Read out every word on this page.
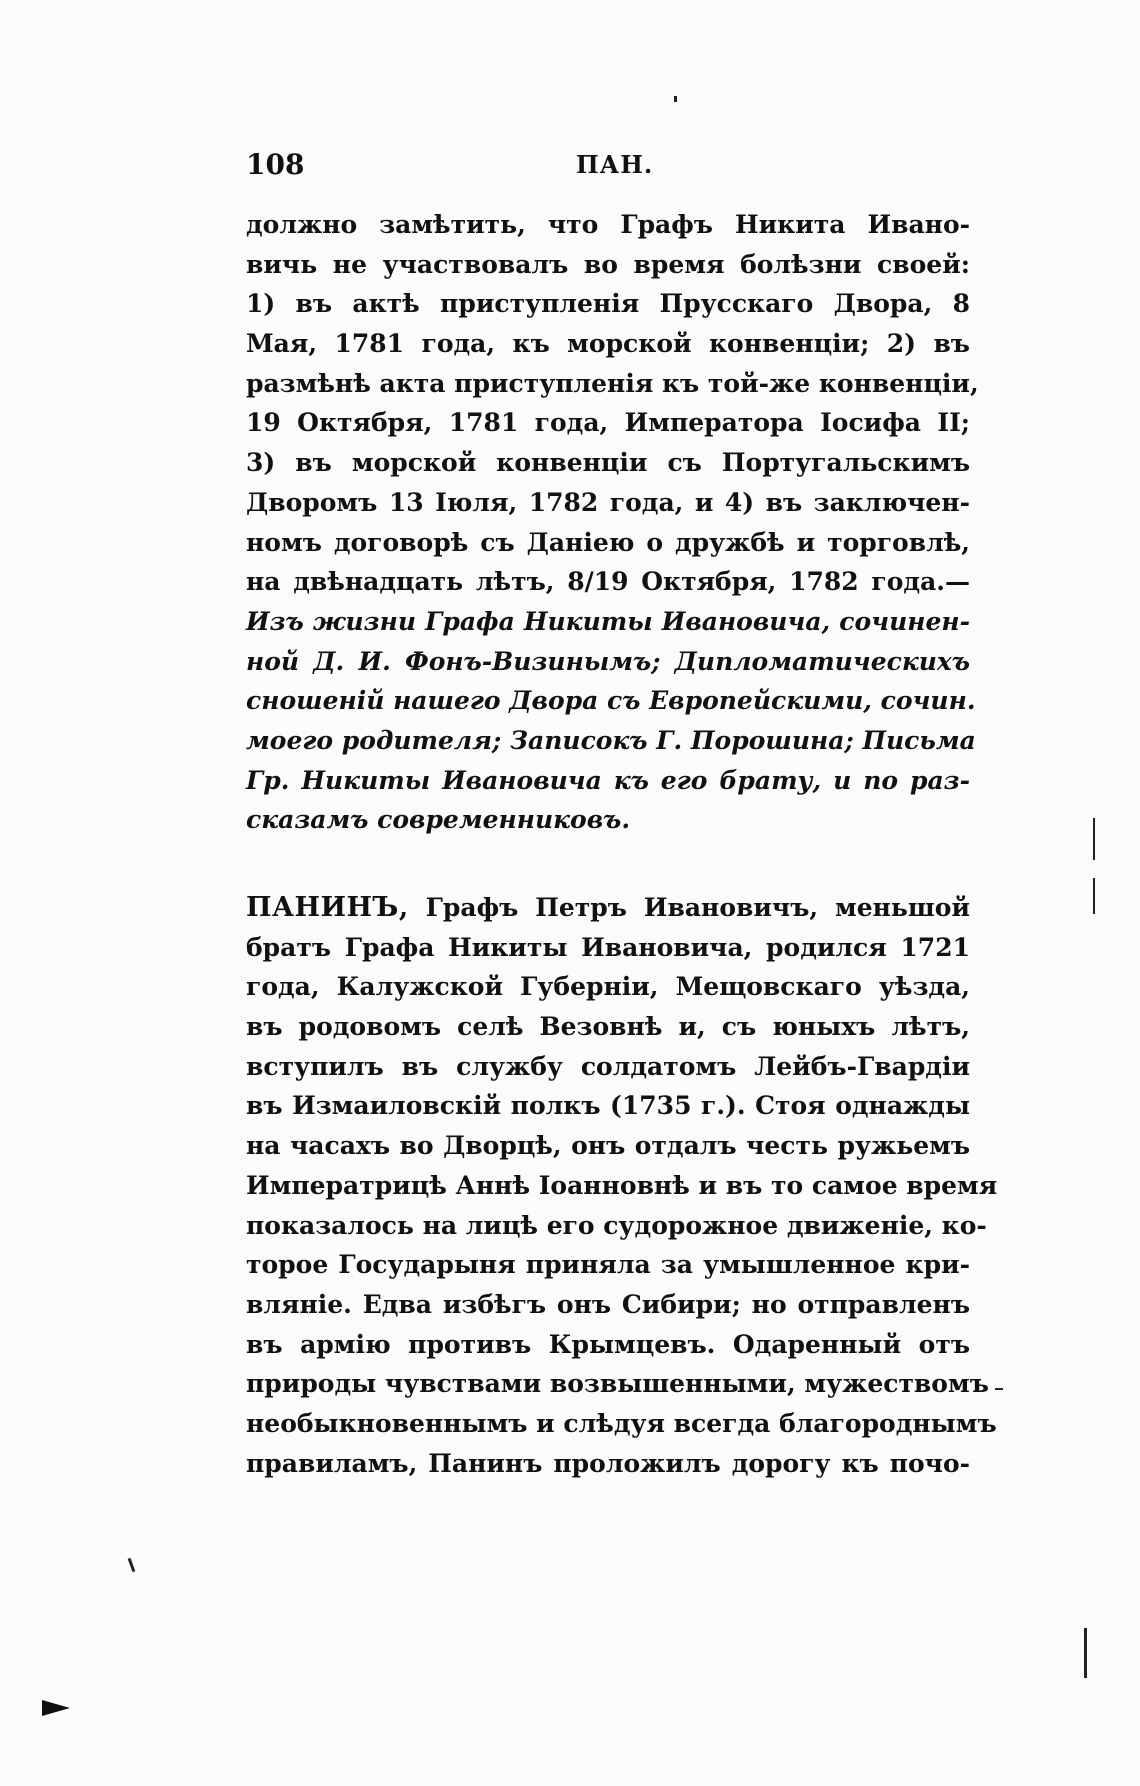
108	ПАН.
должно замѣтить, что Графъ Никита Ивано-
вичь не участвовалъ во время болѣзни своей:
1) въ актѣ приступленія Прусскаго Двора, 8
Мая, 1781 года, къ морской конвенціи; 2) въ
размѣнѣ акта приступленія къ той-же конвенціи,
19 Октября, 1781 года, Императора Іосифа II;
3) въ морской конвенціи съ Португальскимъ
Дворомъ 13 Іюля, 1782 года, и 4) въ заключен-
номъ договорѣ съ Даніею о дружбѣ и торговлѣ,
на двѣнадцать лѣтъ, 8/19 Октября, 1782 года.—
Изъ жизни Графа Никиты Ивановича, сочинен-
ной Д. И. Фонъ-Визинымъ; Дипломатическихъ
сношеній нашего Двора съ Европейскими, сочин.
моего родителя; Записокъ Г. Порошина; Письма
Гр. Никиты Ивановича къ его брату, и по раз-
сказамъ современниковъ.
ПАНИНЪ, Графъ Петръ Ивановичъ, меньшой
братъ Графа Никиты Ивановича, родился 1721
года, Калужской Губерніи, Мещовскаго уѣзда,
въ родовомъ селѣ Везовнѣ и, съ юныхъ лѣтъ,
вступилъ въ службу солдатомъ Лейбъ-Гвардіи
въ Измаиловскій полкъ (1735 г.). Стоя однажды
на часахъ во Дворцѣ, онъ отдалъ честь ружьемъ
Императрицѣ Аннѣ Іоанновнѣ и въ то самое время
показалось на лицѣ его судорожное движеніе, ко-
торое Государыня приняла за умышленное кри-
вляніе. Едва избѣгъ онъ Сибири; но отправленъ
въ армію противъ Крымцевъ. Одаренный отъ
природы чувствами возвышенными, мужествомъ
необыкновеннымъ и слѣдуя всегда благороднымъ
правиламъ, Панинъ проложилъ дорогу къ почо-
